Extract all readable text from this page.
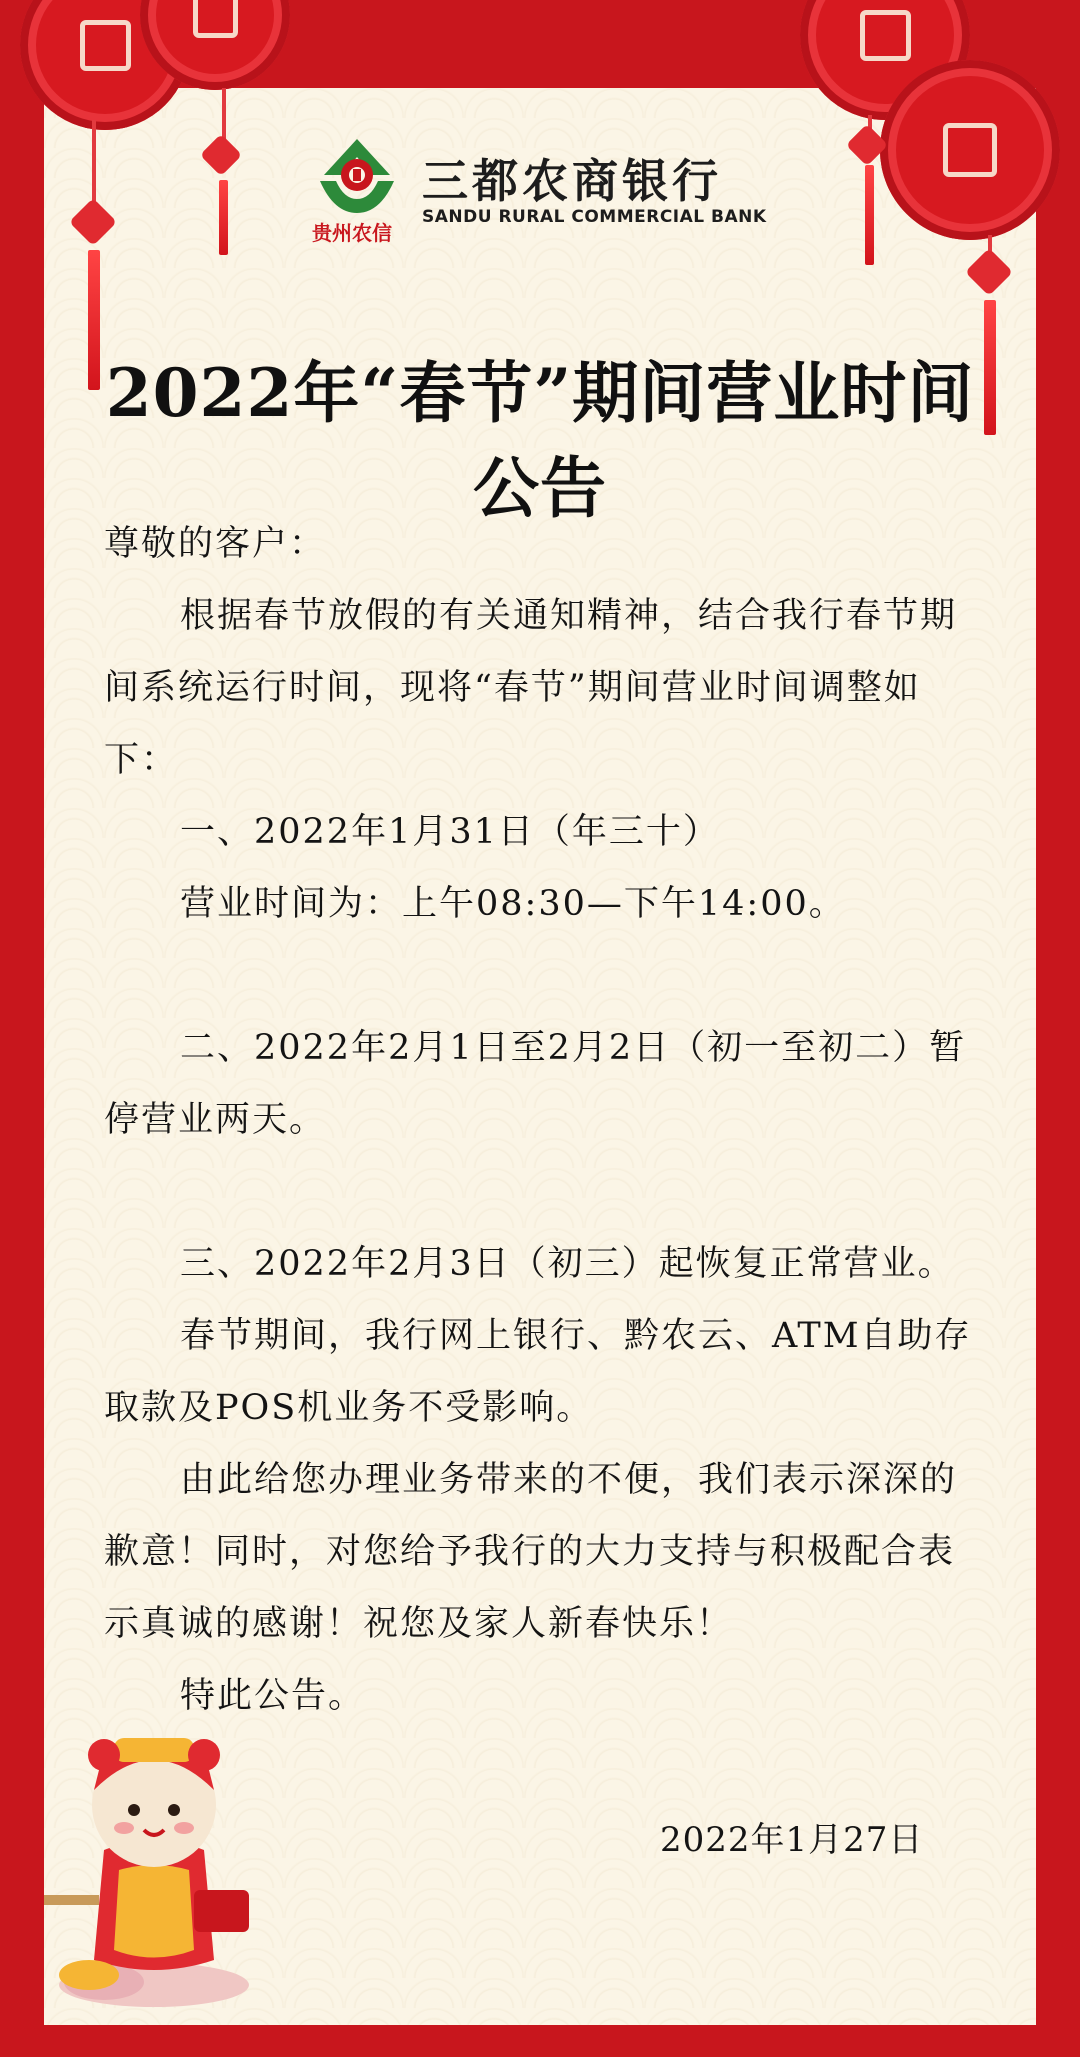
三都农商银行
SANDU RURAL COMMERCIAL BANK
贵州农信
2022年“春节”期间营业时间公告
尊敬的客户：
根据春节放假的有关通知精神，结合我行春节期间系统运行时间，现将“春节”期间营业时间调整如下：
一、2022年1月31日（年三十）
营业时间为：上午08:30—下午14:00。
二、2022年2月1日至2月2日（初一至初二）暂停营业两天。
三、2022年2月3日（初三）起恢复正常营业。
春节期间，我行网上银行、黔农云、ATM自助存取款及POS机业务不受影响。
由此给您办理业务带来的不便，我们表示深深的歉意！同时，对您给予我行的大力支持与积极配合表示真诚的感谢！祝您及家人新春快乐！
特此公告。
2022年1月27日
